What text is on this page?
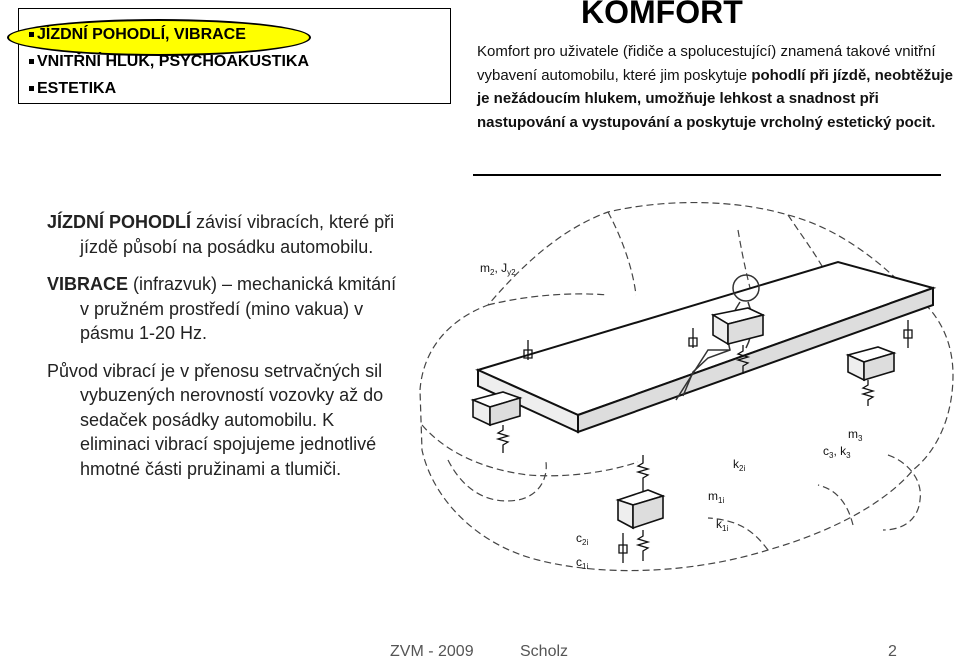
JÍZDNÍ POHODLÍ, VIBRACE
VNITŘNÍ HLUK, PSYCHOAKUSTIKA
ESTETIKA
KOMFORT
Komfort pro uživatele (řidiče a spolucestující) znamená takové vnitřní vybavení automobilu, které jim poskytuje pohodlí při jízdě, neobtěžuje je nežádoucím hlukem, umožňuje lehkost a snadnost při nastupování a vystupování a poskytuje vrcholný estetický pocit.

JÍZDNÍ POHODLÍ závisí vibracích, které při jízdě působí na posádku automobilu.

VIBRACE (infrazvuk) – mechanická kmitání v pružném prostředí (mino vakua) v pásmu 1-20 Hz.

Původ vibrací je v přenosu setrvačných sil vybuzených nerovností vozovky až do sedaček posádky automobilu. K eliminaci vibrací spojujeme jednotlivé hmotné části pružinami a tlumiči.

$m_2$, $J_{y2}$
$m_3$
$c_3$, $k_3$
$k_{2i}$
$m_{1i}$
$k_{1i}$
$c_{2i}$
$c_{1i}$
ZVM - 2009	Scholz	2
